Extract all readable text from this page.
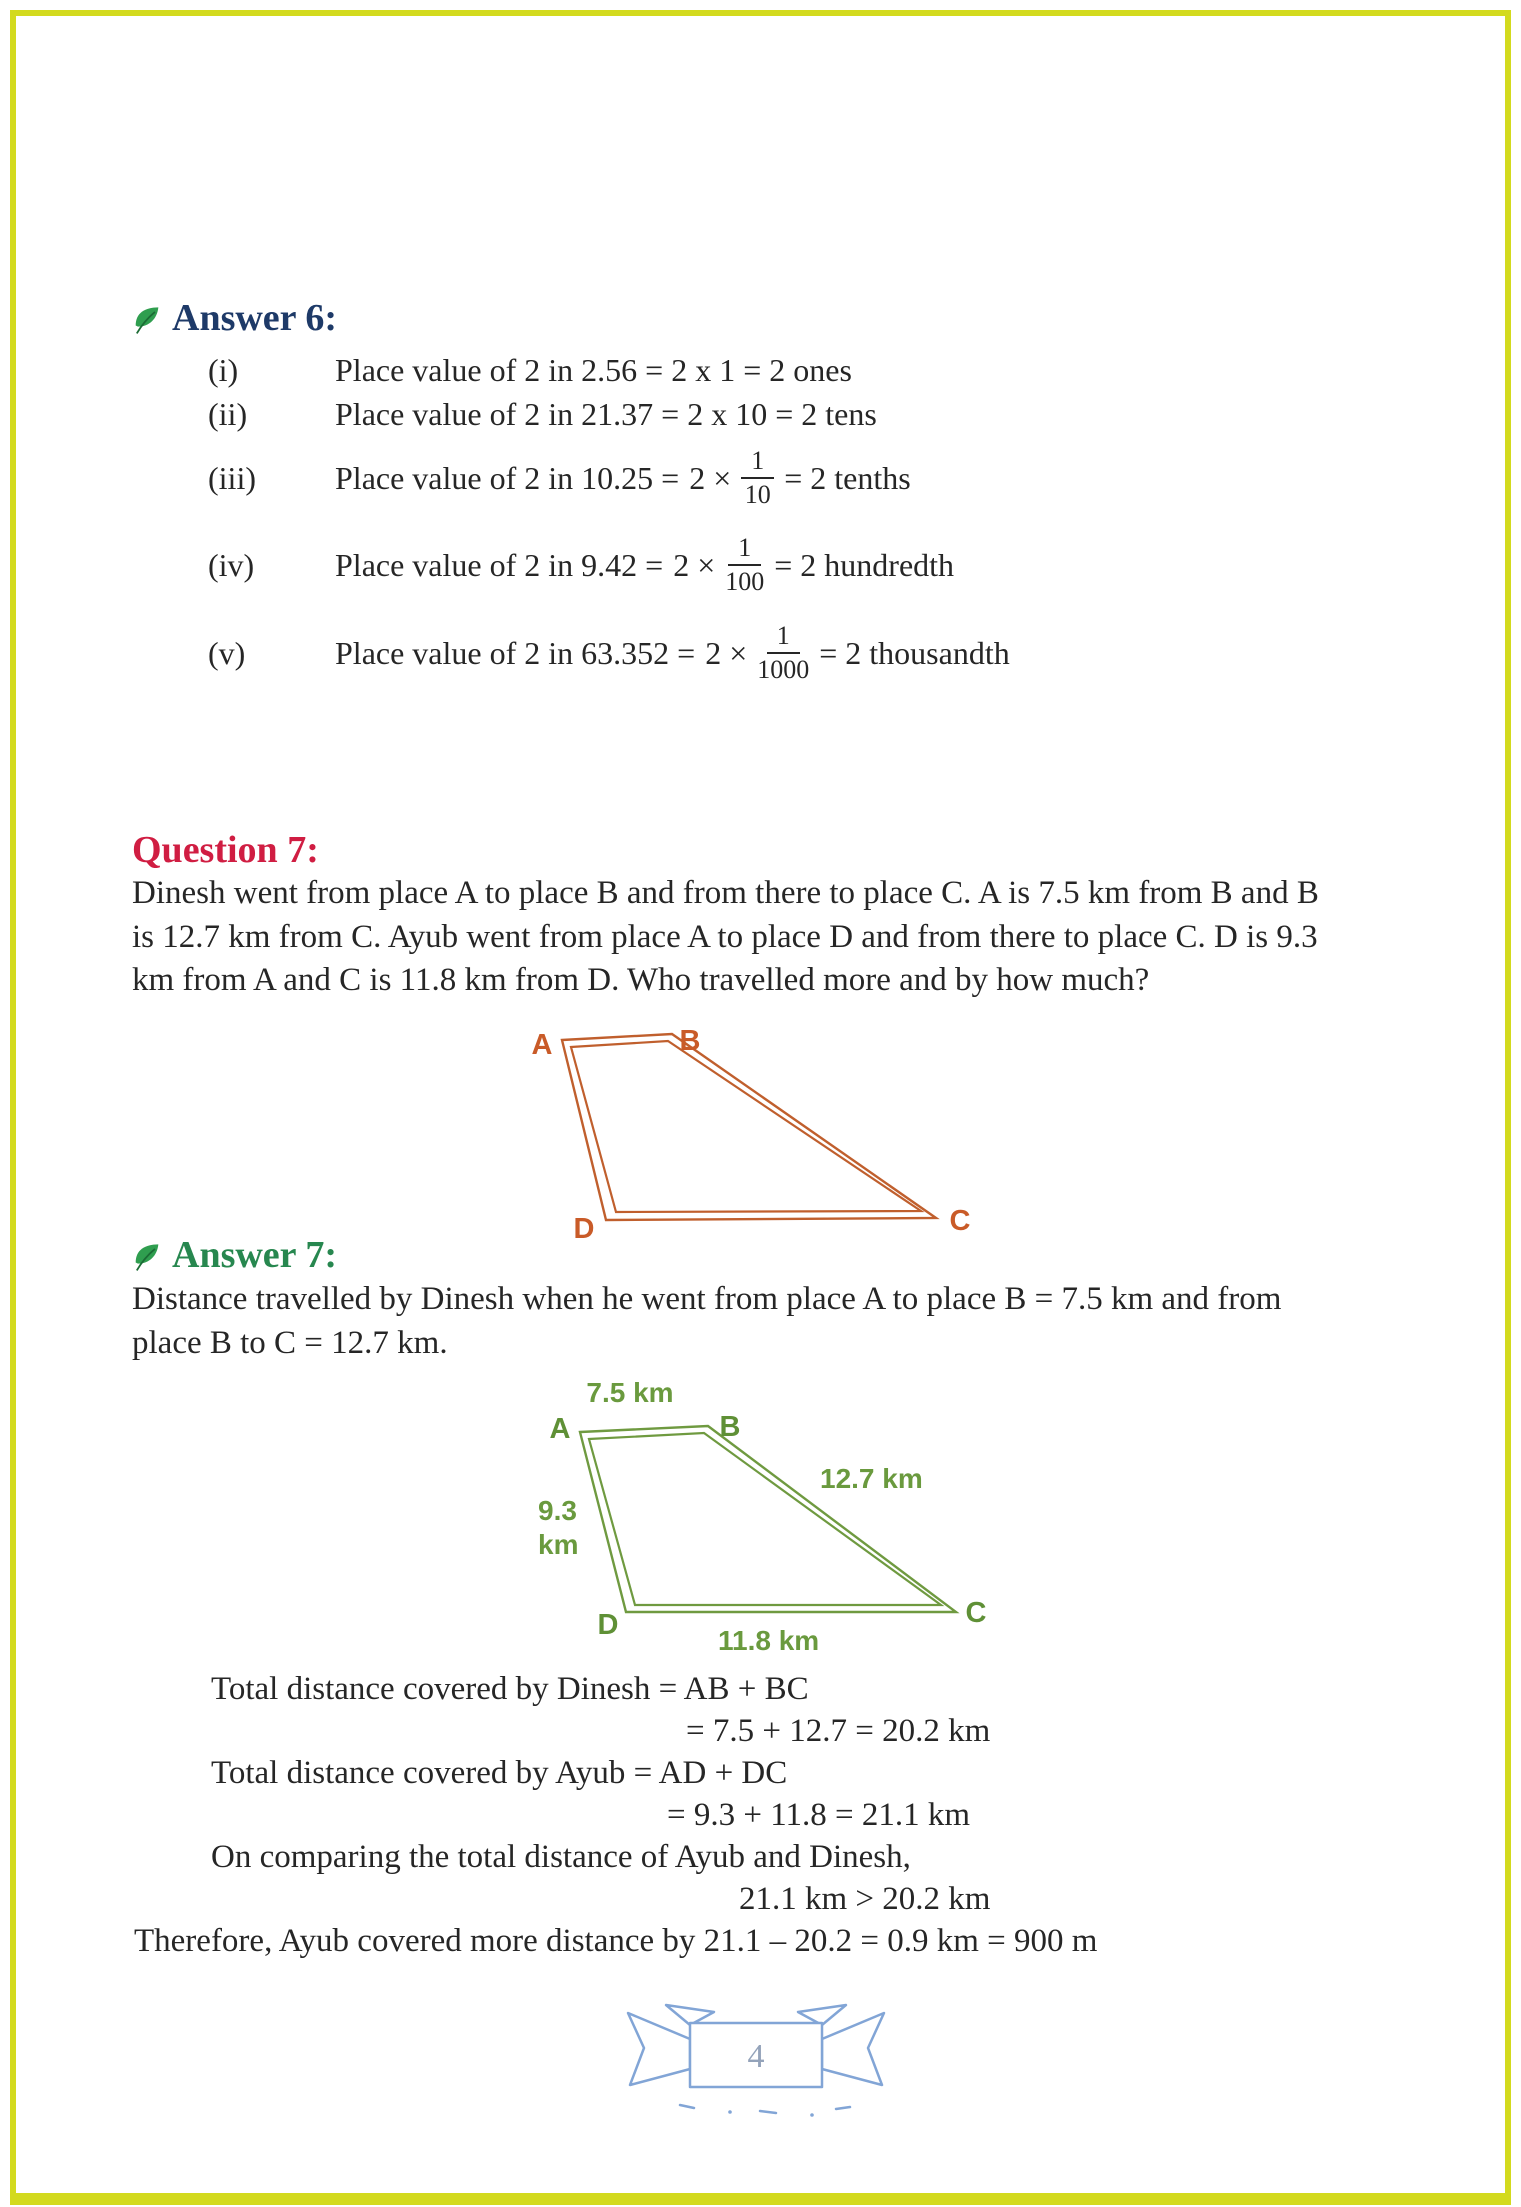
Answer 6:
(i)	Place value of 2 in 2.56 = 2 x 1 = 2 ones
(ii)	Place value of 2 in 21.37 = 2 x 10 = 2 tens
(iii)	Place value of 2 in $10.25 = 2 \times \frac{1}{10} = 2$ tenths
(iv)	Place value of 2 in $9.42 = 2 \times \frac{1}{100} = 2$ hundredth
(v)	Place value of 2 in $63.352 = 2 \times \frac{1}{1000} = 2$ thousandth
Question 7:
Dinesh went from place A to place B and from there to place C. A is 7.5 km from B and B
is 12.7 km from C. Ayub went from place A to place D and from there to place C. D is 9.3
km from A and C is 11.8 km from D. Who travelled more and by how much?
A	B
C
D
Answer 7:
Distance travelled by Dinesh when he went from place A to place B = 7.5 km and from
place B to C = 12.7 km.
A	B
C
D
7.5 km
12.7 km
9.3
km
11.8 km
Total distance covered by Dinesh = AB + BC
= 7.5 + 12.7 = 20.2 km
Total distance covered by Ayub = AD + DC
= 9.3 + 11.8 = 21.1 km
On comparing the total distance of Ayub and Dinesh,
21.1 km > 20.2 km
Therefore, Ayub covered more distance by 21.1 – 20.2 = 0.9 km = 900 m
4
